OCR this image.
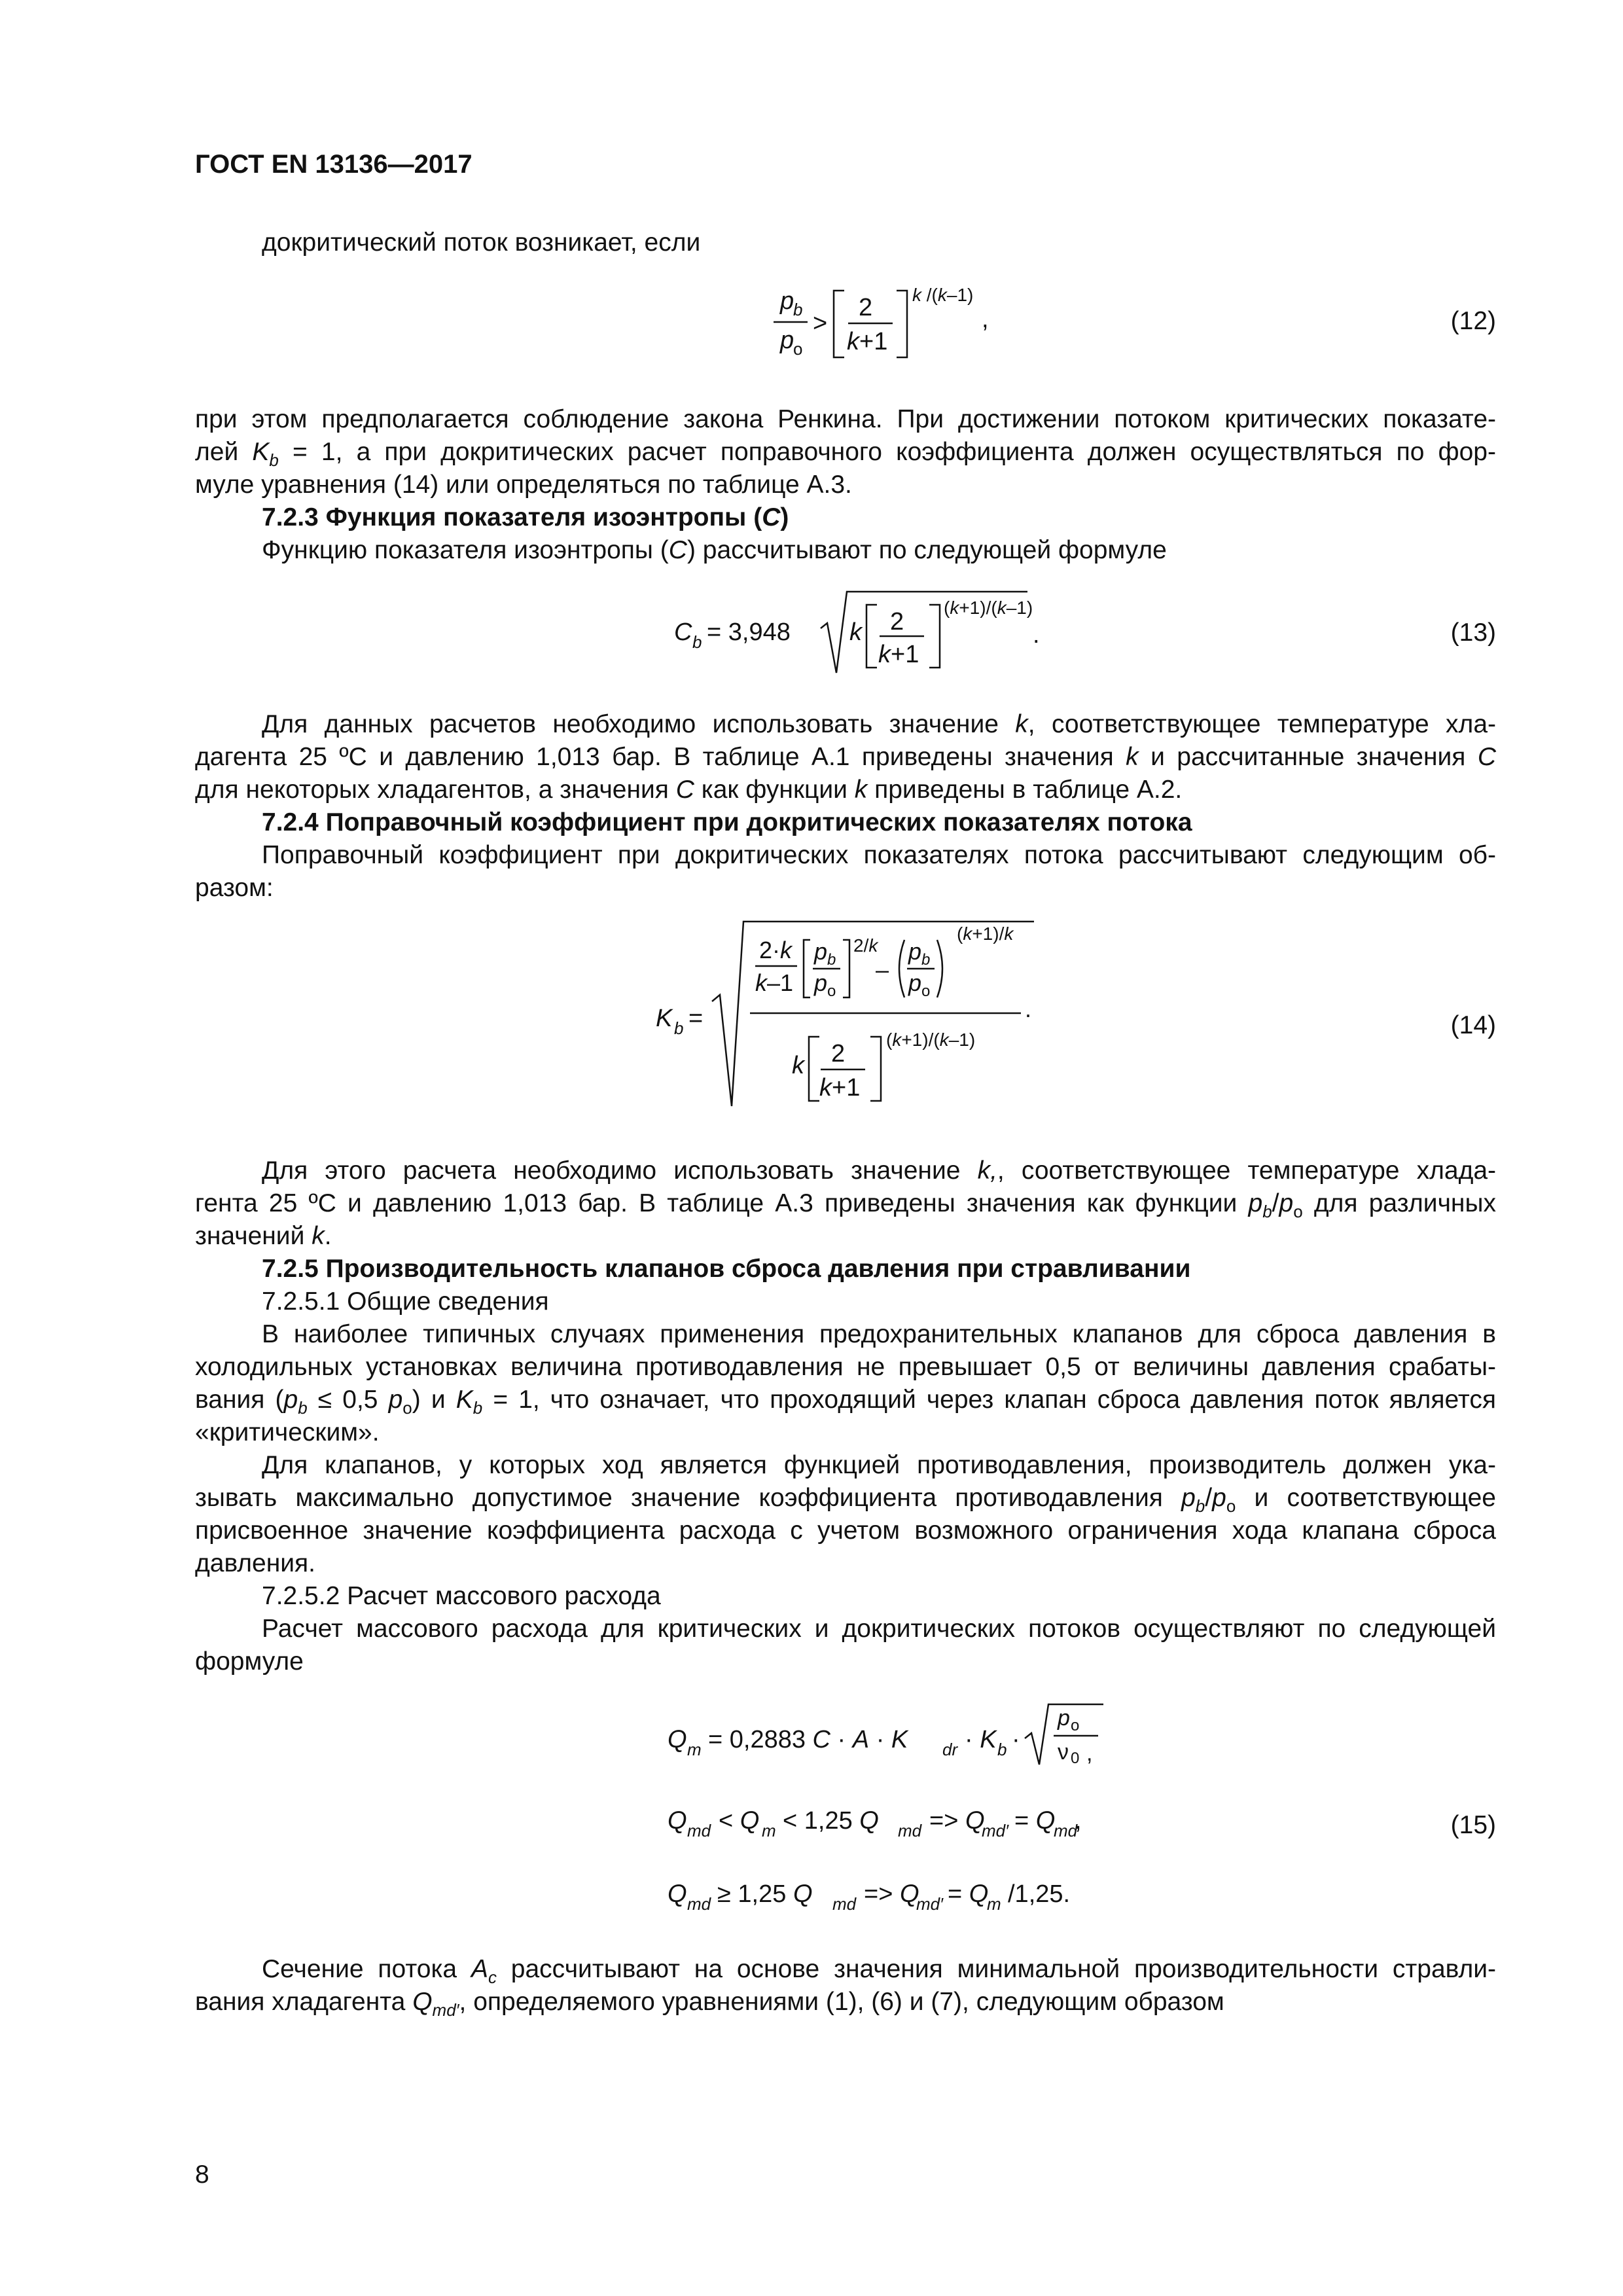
ГОСТ EN 13136—2017
докритический поток возникает, если
p
b
p
o
>
2
k+1
k /(k–1)
,	(12)
при этом предполагается соблюдение закона Ренкина. При достижении потоком критических показате-
лей $K_b = 1$, а при докритических расчет поправочного коэффициента должен осуществляться по фор-
муле уравнения (14) или определяться по таблице А.3.
7.2.3 Функция показателя изоэнтропы (C)
Функцию показателя изоэнтропы (C) рассчитывают по следующей формуле
C b = 3,948 k 2
k+1
(k+1)/(k–1)
.	(13)
Для данных расчетов необходимо использовать значение k, соответствующее температуре хла-
дагента 25 ºС и давлению 1,013 бар. В таблице А.1 приведены значения k и рассчитанные значения C
для некоторых хладагентов, а значения C как функции k приведены в таблице А.2.
7.2.4 Поправочный коэффициент при докритических показателях потока
Поправочный коэффициент при докритических показателях потока рассчитывают следующим об-
разом:
K b =
2·k
k–1
p b
p o
2/k
–
p b
p o
(k+1)/k
.
k 2
k+1
(k+1)/(k–1)
(14)
Для этого расчета необходимо использовать значение k,, соответствующее температуре хлада-
гента 25 ºС и давлению 1,013 бар. В таблице А.3 приведены значения как функции $p_b/p_o$ для различных
значений k.
7.2.5 Производительность клапанов сброса давления при стравливании
7.2.5.1 Общие сведения
В наиболее типичных случаях применения предохранительных клапанов для сброса давления в
холодильных установках величина противодавления не превышает 0,5 от величины давления срабаты-
вания ($p_b \le 0,5$ $p_o$) и $K_b = 1$, что означает, что проходящий через клапан сброса давления поток является
«критическим».
Для клапанов, у которых ход является функцией противодавления, производитель должен ука-
зывать максимально допустимое значение коэффициента противодавления $p_b/p_o$ и соответствующее
присвоенное значение коэффициента расхода с учетом возможного ограничения хода клапана сброса
давления.
7.2.5.2 Расчет массового расхода
Расчет массового расхода для критических и докритических потоков осуществляют по следующей
формуле
Q m = 0,2883 C · A · K dr · K b ·
p o
ν 0 ,
Q md < Q m < 1,25 Q md => Q
md′ = Q
md
,
Q md ≥ 1,25 Q md => Q
md′ = Q
m /1,25.
(15)
Сечение потока $A_c$ рассчитывают на основе значения минимальной производительности стравли-
вания хладагента $Q_{md'}$, определяемого уравнениями (1), (6) и (7), следующим образом
8
